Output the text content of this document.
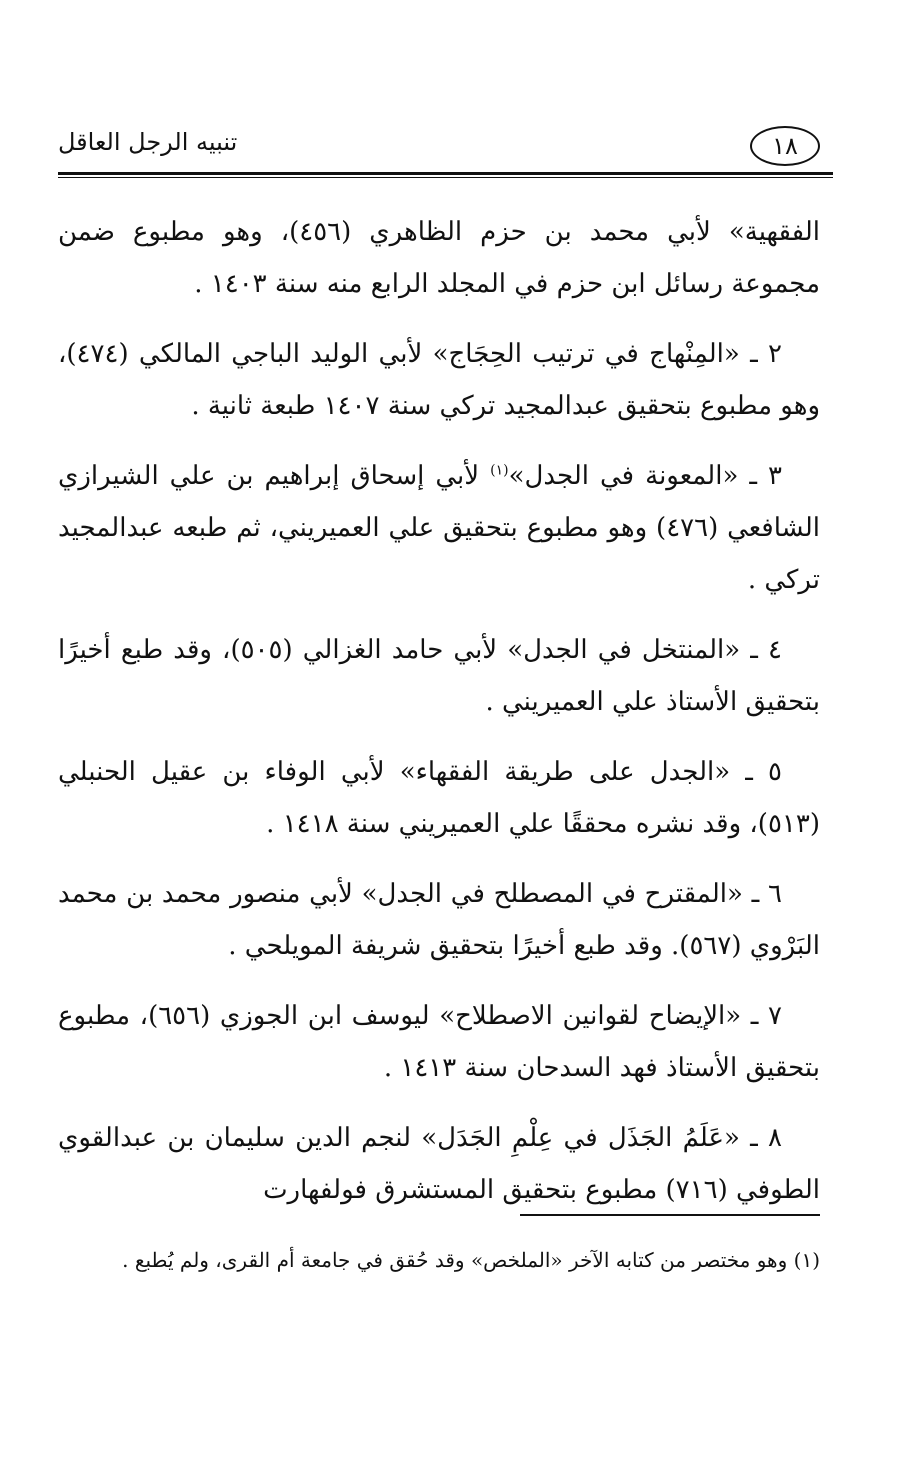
١٨
تنبيه الرجل العاقل

الفقهية» لأبي محمد بن حزم الظاهري (٤٥٦)، وهو مطبوع ضمن مجموعة رسائل ابن حزم في المجلد الرابع منه سنة ١٤٠٣ .

٢ ـ «المِنْهاج في ترتيب الحِجَاج» لأبي الوليد الباجي المالكي (٤٧٤)، وهو مطبوع بتحقيق عبدالمجيد تركي سنة ١٤٠٧ طبعة ثانية .

٣ ـ «المعونة في الجدل»$^{(١)}$ لأبي إسحاق إبراهيم بن علي الشيرازي الشافعي (٤٧٦) وهو مطبوع بتحقيق علي العميريني، ثم طبعه عبدالمجيد تركي .

٤ ـ «المنتخل في الجدل» لأبي حامد الغزالي (٥٠٥)، وقد طبع أخيرًا بتحقيق الأستاذ علي العميريني .

٥ ـ «الجدل على طريقة الفقهاء» لأبي الوفاء بن عقيل الحنبلي (٥١٣)، وقد نشره محققًا علي العميريني سنة ١٤١٨ .

٦ ـ «المقترح في المصطلح في الجدل» لأبي منصور محمد بن محمد البَرْوي (٥٦٧). وقد طبع أخيرًا بتحقيق شريفة المويلحي .

٧ ـ «الإيضاح لقوانين الاصطلاح» ليوسف ابن الجوزي (٦٥٦)، مطبوع بتحقيق الأستاذ فهد السدحان سنة ١٤١٣ .

٨ ـ «عَلَمُ الجَذَل في عِلْمِ الجَدَل» لنجم الدين سليمان بن عبدالقوي الطوفي (٧١٦) مطبوع بتحقيق المستشرق فولفهارت

(١) وهو مختصر من كتابه الآخر «الملخص» وقد حُقق في جامعة أم القرى، ولم يُطبع .
